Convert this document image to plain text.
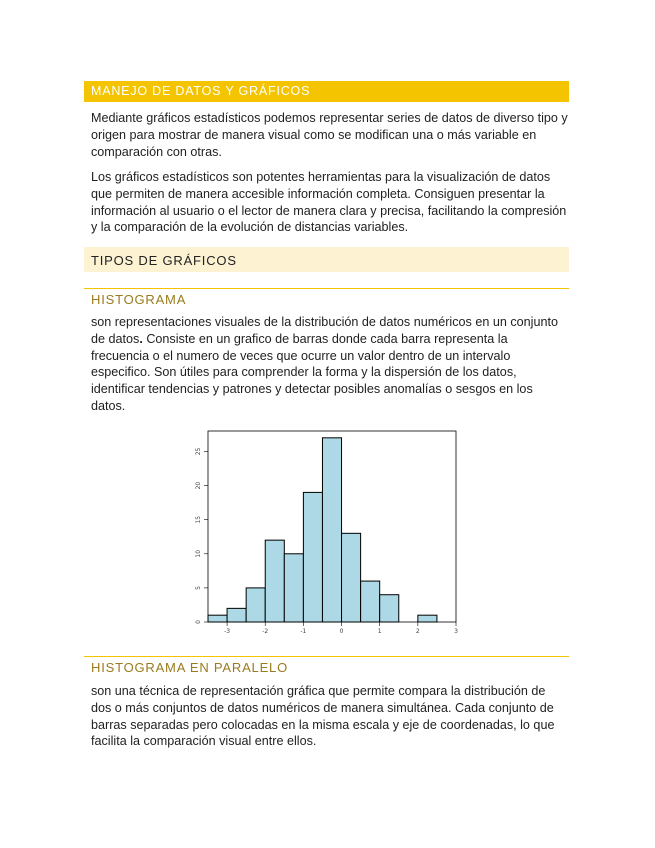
MANEJO DE DATOS Y GRÁFICOS

Mediante gráficos estadísticos podemos representar series de datos de diverso tipo y origen para mostrar de manera visual como se modifican una o más variable en comparación con otras.

Los gráficos estadísticos son potentes herramientas para la visualización de datos que permiten de manera accesible información completa. Consiguen presentar la información al usuario o el lector de manera clara y precisa, facilitando la compresión y la comparación de la evolución de distancias variables.

TIPOS DE GRÁFICOS
HISTOGRAMA

son representaciones visuales de la distribución de datos numéricos en un conjunto de datos. Consiste en un grafico de barras donde cada barra representa la frecuencia o el numero de veces que ocurre un valor dentro de un intervalo especifico. Son útiles para comprender la forma y la dispersión de los datos, identificar tendencias y patrones y detectar posibles anomalías o sesgos en los datos.

0
5
10
15
20
25
-3	-2	-1	0	1	2	3
HISTOGRAMA EN PARALELO

son una técnica de representación gráfica que permite compara la distribución de dos o más conjuntos de datos numéricos de manera simultánea. Cada conjunto de barras separadas pero colocadas en la misma escala y eje de coordenadas, lo que facilita la comparación visual entre ellos.
